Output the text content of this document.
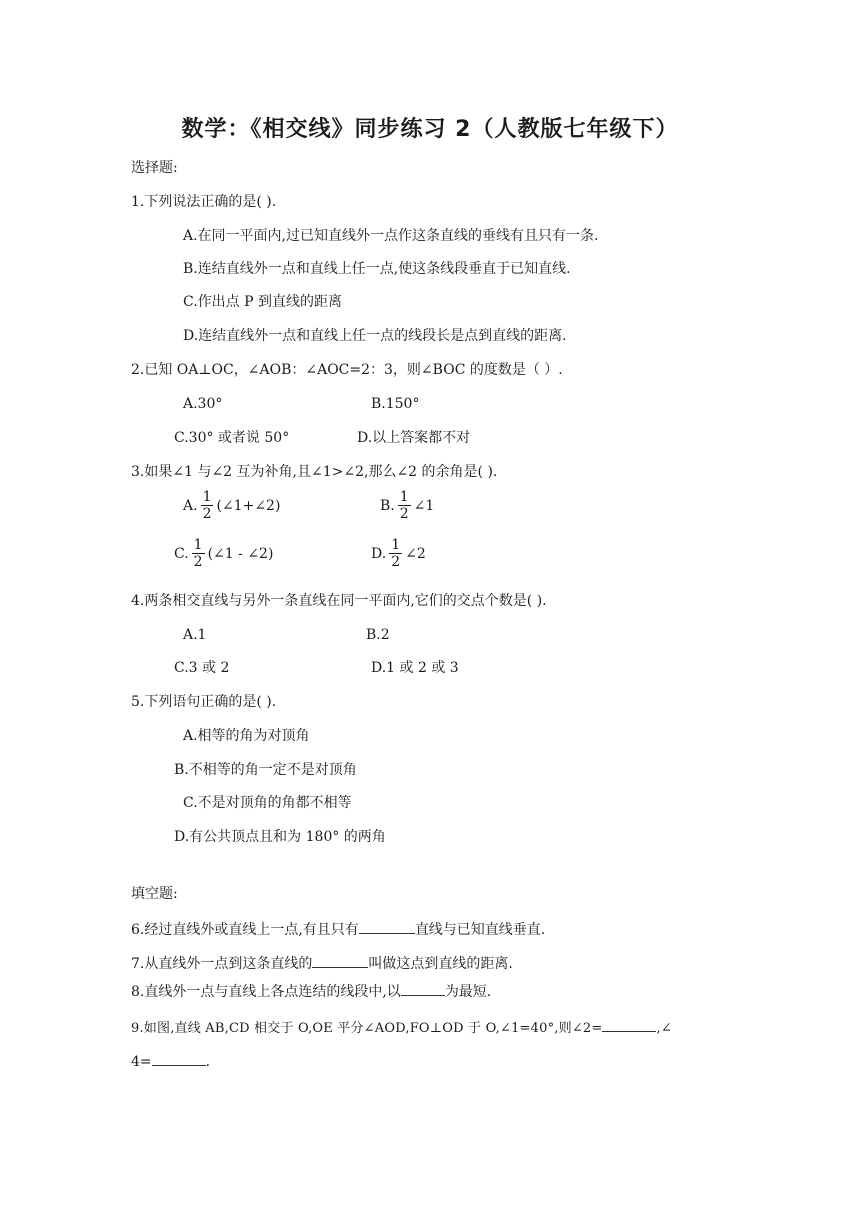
数学：《相交线》同步练习 2（人教版七年级下）
选择题:
1.下列说法正确的是( ).
A.在同一平面内,过已知直线外一点作这条直线的垂线有且只有一条.
B.连结直线外一点和直线上任一点,使这条线段垂直于已知直线.
C.作出点 P 到直线的距离
D.连结直线外一点和直线上任一点的线段长是点到直线的距离.
2.已知 OA⊥OC，∠AOB：∠AOC=2：3，则∠BOC 的度数是（ ）.
A.30°	B.150°
C.30° 或者说 50°	D.以上答案都不对
3.如果∠1 与∠2 互为补角,且∠1>∠2,那么∠2 的余角是( ).
A. $\frac{1}{2}$ (∠1+∠2)	B. $\frac{1}{2}$ ∠1
C. $\frac{1}{2}$ (∠1 - ∠2)	D. $\frac{1}{2}$ ∠2
4.两条相交直线与另外一条直线在同一平面内,它们的交点个数是( ).
A.1	B.2
C.3 或 2	D.1 或 2 或 3
5.下列语句正确的是( ).
A.相等的角为对顶角
B.不相等的角一定不是对顶角
C.不是对顶角的角都不相等
D.有公共顶点且和为 180° 的两角
填空题:
6.经过直线外或直线上一点,有且只有	直线与已知直线垂直.
7.从直线外一点到这条直线的	叫做这点到直线的距离.
8.直线外一点与直线上各点连结的线段中,以	为最短.
9.如图,直线 AB,CD 相交于 O,OE 平分∠AOD,FO⊥OD 于 O,∠1=40°,则∠2=	,∠
4=	.
